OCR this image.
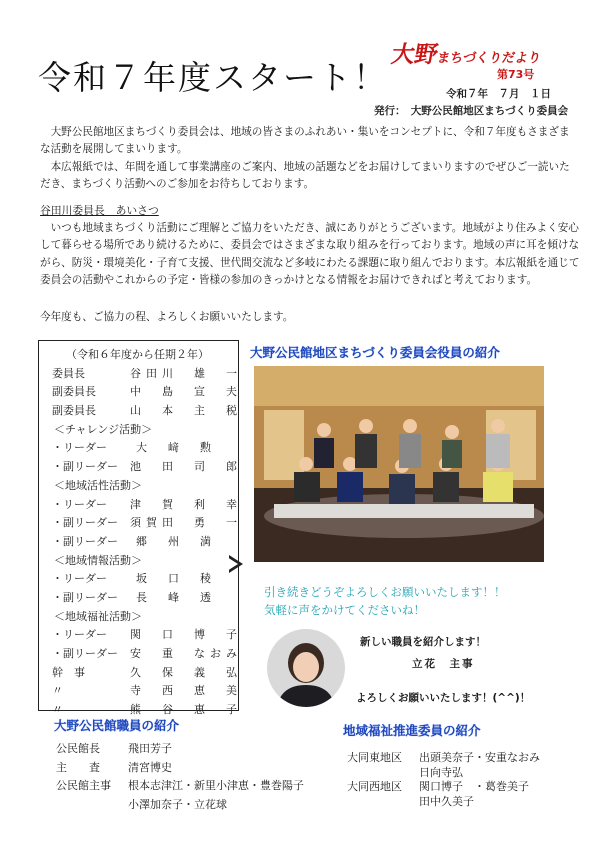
令和７年度スタート！
大野まちづくりだより
第73号
令和７年　７月　１日
発行：　大野公民館地区まちづくり委員会
大野公民館地区まちづくり委員会は、地域の皆さまのふれあい・集いをコンセプトに、令和７年度もさまざまな活動を展開してまいります。
本広報紙では、年間を通して事業講座のご案内、地域の話題などをお届けしてまいりますのでぜひご一読いただき、まちづくり活動へのご参加をお待ちしております。
谷田川委員長　あいさつ
いつも地域まちづくり活動にご理解とご協力をいただき、誠にありがとうございます。地域がより住みよく安心して暮らせる場所であり続けるために、委員会ではさまざまな取り組みを行っております。地域の声に耳を傾けながら、防災・環境美化・子育て支援、世代間交流など多岐にわたる課題に取り組んでおります。本広報紙を通じて委員会の活動やこれからの予定・皆様の参加のきっかけとなる情報をお届けできればと考えております。
今年度も、ご協力の程、よろしくお願いいたします。
（令和６年度から任期２年）
委員長	谷田川　雄　一
副委員長	中　島　宣　夫
副委員長	山　本　主　税
＜チャレンジ活動＞
・リーダー	大　﨑　勲
・副リーダー	池　田　司　郎
＜地域活性活動＞
・リーダー	津　賀　利　幸
・副リーダー	須賀田　勇　一
・副リーダー	郷　州　満
＜地域情報活動＞
・リーダー	坂　口　稜
・副リーダー	長　峰　透
＜地域福祉活動＞
・リーダー	関　口　博　子
・副リーダー	安　重　なおみ
幹　事	久　保　義　弘
〃	寺　西　恵　美
〃	熊　谷　恵　子
大野公民館地区まちづくり委員会役員の紹介
引き続きどうぞよろしくお願いいたします！！
気軽に声をかけてくださいね！
新しい職員を紹介します！
立花　主事
よろしくお願いいたします！(^^)！
大野公民館職員の紹介
公民館長	飛田芳子
主　　査	清宮博史
公民館主事	根本志津江・新里小津恵・豊巻陽子
小澤加奈子・立花球
地域福祉推進委員の紹介
大同東地区	出頭美奈子・安重なおみ
日向寺弘
大同西地区	関口博子　・葛巻美子
田中久美子
